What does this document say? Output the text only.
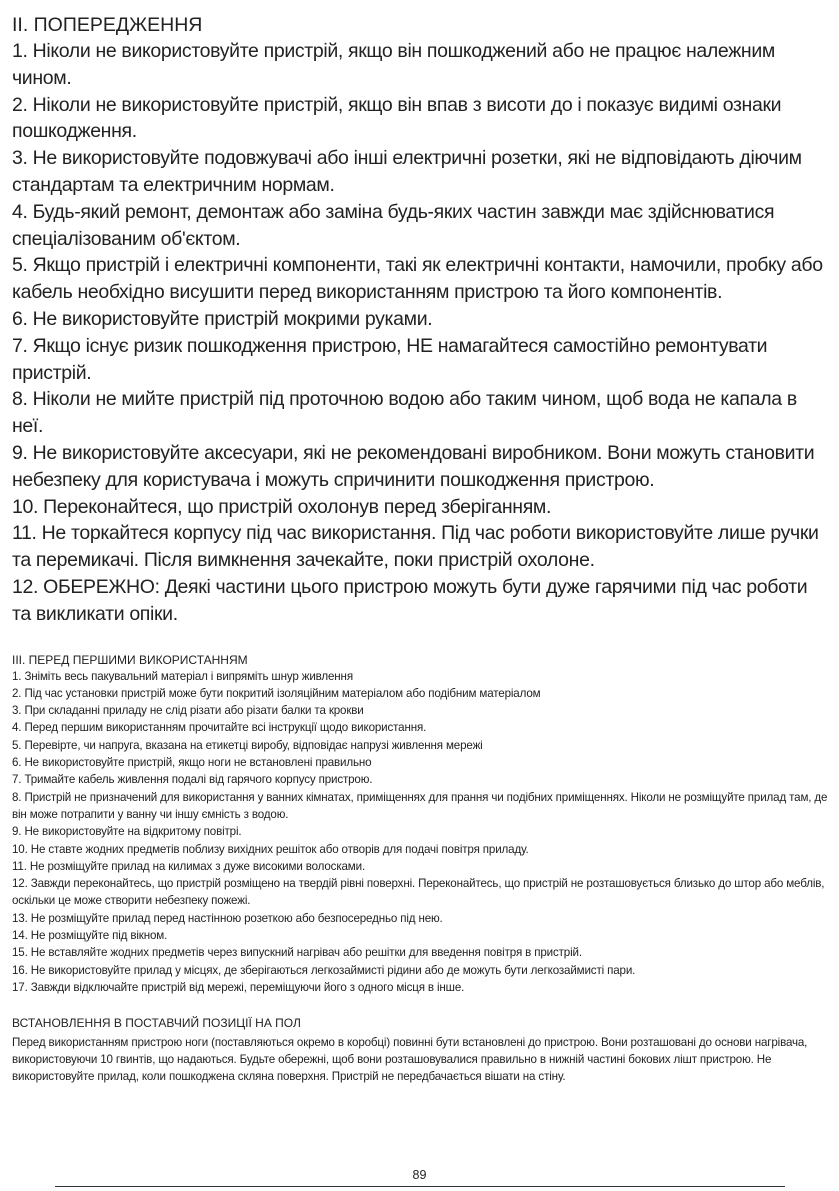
II. ПОПЕРЕДЖЕННЯ

1. Ніколи не використовуйте пристрій, якщо він пошкоджений або не працює належним чином.

2. Ніколи не використовуйте пристрій, якщо він впав з висоти до і показує видимі ознаки пошкодження.

3. Не використовуйте подовжувачі або інші електричні розетки, які не відповідають діючим стандартам та електричним нормам.

4. Будь-який ремонт, демонтаж або заміна будь-яких частин завжди має здійснюватися спеціалізованим об'єктом.

5. Якщо пристрій і електричні компоненти, такі як електричні контакти, намочили, пробку або кабель необхідно висушити перед використанням пристрою та його компонентів.

6. Не використовуйте пристрій мокрими руками.

7. Якщо існує ризик пошкодження пристрою, НЕ намагайтеся самостійно ремонтувати пристрій.

8. Ніколи не мийте пристрій під проточною водою або таким чином, щоб вода не капала в неї.

9. Не використовуйте аксесуари, які не рекомендовані виробником. Вони можуть становити небезпеку для користувача і можуть спричинити пошкодження пристрою.

10. Переконайтеся, що пристрій охолонув перед зберіганням.

11. Не торкайтеся корпусу під час використання. Під час роботи використовуйте лише ручки та перемикачі. Після вимкнення зачекайте, поки пристрій охолоне.

12. ОБЕРЕЖНО: Деякі частини цього пристрою можуть бути дуже гарячими під час роботи та викликати опіки.

III. ПЕРЕД ПЕРШИМИ ВИКОРИСТАННЯМ

1. Зніміть весь пакувальний матеріал і випряміть шнур живлення

2. Під час установки пристрій може бути покритий ізоляційним матеріалом або подібним матеріалом

3. При складанні приладу не слід різати або різати балки та крокви

4. Перед першим використанням прочитайте всі інструкції щодо використання.

5. Перевірте, чи напруга, вказана на етикетці виробу, відповідає напрузі живлення мережі

6. Не використовуйте пристрій, якщо ноги не встановлені правильно

7. Тримайте кабель живлення подалі від гарячого корпусу пристрою.

8. Пристрій не призначений для використання у ванних кімнатах, приміщеннях для прання чи подібних приміщеннях. Ніколи не розміщуйте прилад там, де він може потрапити у ванну чи іншу ємність з водою.

9. Не використовуйте на відкритому повітрі.

10. Не ставте жодних предметів поблизу вихідних решіток або отворів для подачі повітря приладу.

11. Не розміщуйте прилад на килимах з дуже високими волосками.

12. Завжди переконайтесь, що пристрій розміщено на твердій рівні поверхні. Переконайтесь, що пристрій не розташовується близько до штор або меблів, оскільки це може створити небезпеку пожежі.

13. Не розміщуйте прилад перед настінною розеткою або безпосередньо під нею.

14. Не розміщуйте під вікном.

15. Не вставляйте жодних предметів через випускний нагрівач або решітки для введення повітря в пристрій.

16. Не використовуйте прилад у місцях, де зберігаються легкозаймисті рідини або де можуть бути легкозаймисті пари.

17. Завжди відключайте пристрій від мережі, переміщуючи його з одного місця в інше.

ВСТАНОВЛЕННЯ В ПОСТАВЧИЙ ПОЗИЦІЇ НА ПОЛ

Перед використанням пристрою ноги (поставляються окремо в коробці) повинні бути встановлені до пристрою. Вони розташовані до основи нагрівача, використовуючи 10 гвинтів, що надаються. Будьте обережні, щоб вони розташовувалися правильно в нижній частині бокових лішт пристрою. Не використовуйте прилад, коли пошкоджена скляна поверхня. Пристрій не передбачається вішати на стіну.

89
